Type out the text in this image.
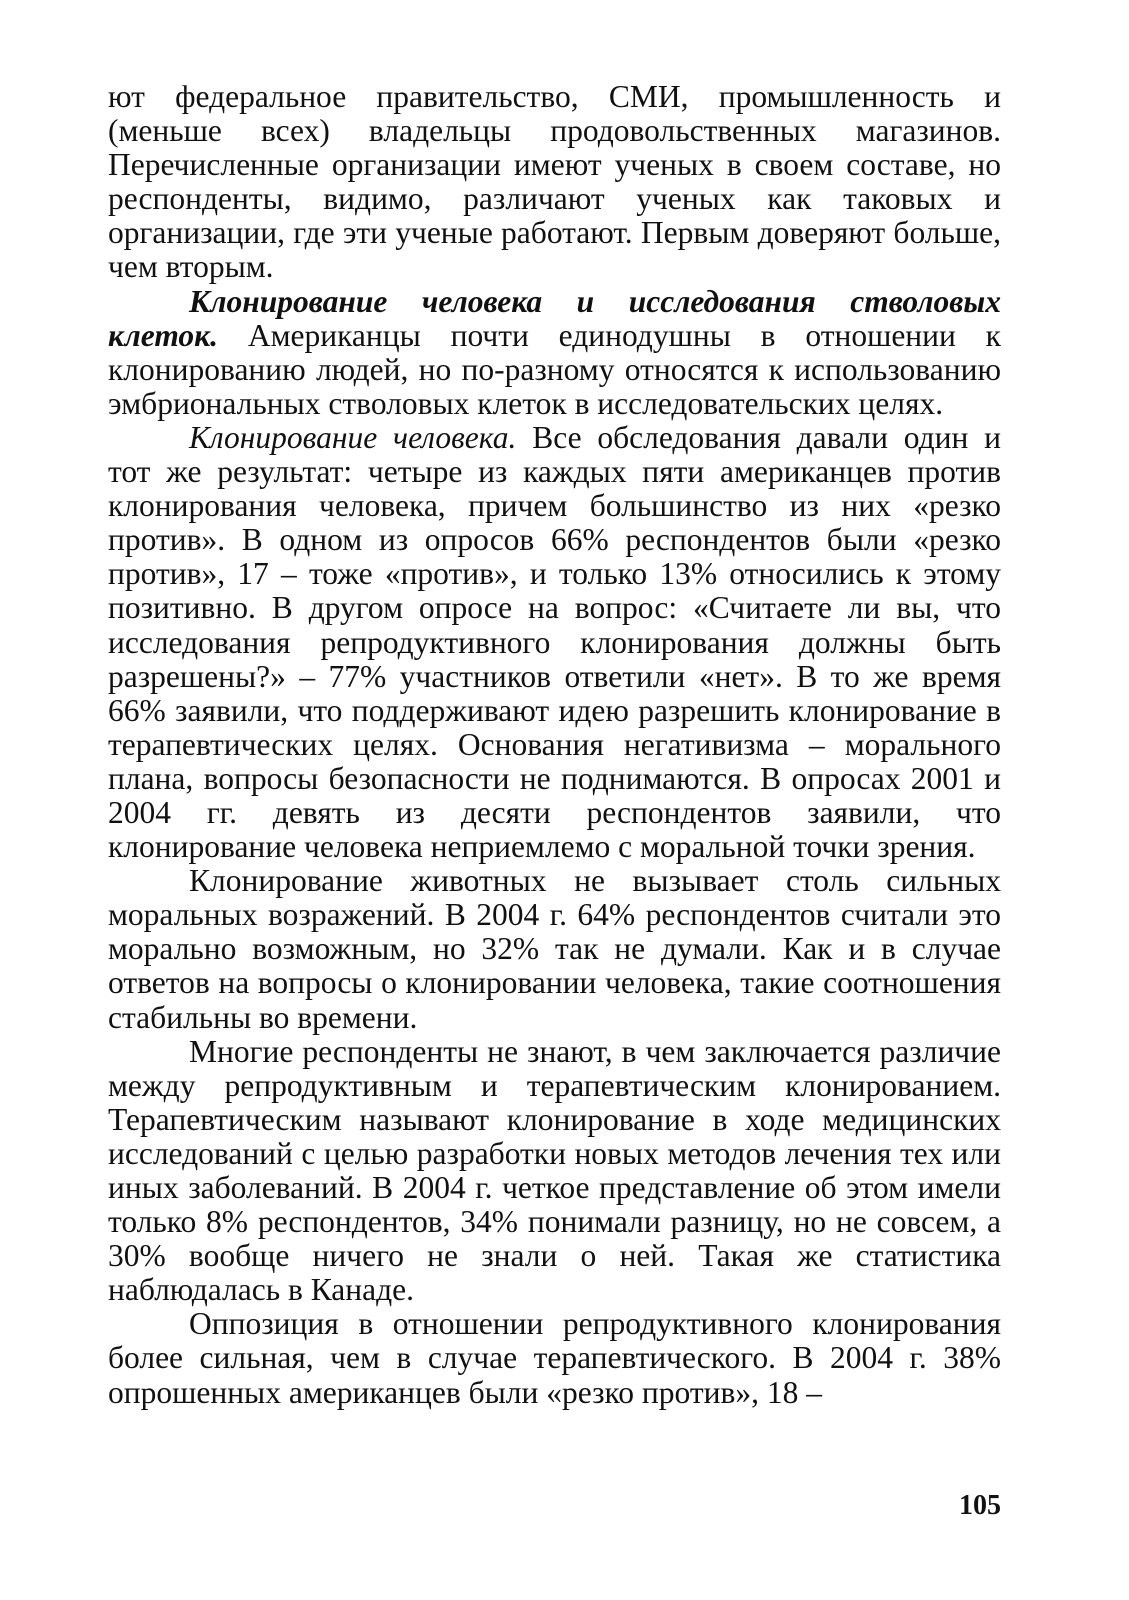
ют федеральное правительство, СМИ, промышленность и (меньше всех) владельцы продовольственных магазинов. Перечисленные организации имеют ученых в своем составе, но респонденты, видимо, различают ученых как таковых и организации, где эти ученые работают. Первым доверяют больше, чем вторым.

Клонирование человека и исследования стволовых клеток. Американцы почти единодушны в отношении к клонированию людей, но по-разному относятся к использованию эмбриональных стволовых клеток в исследовательских целях.

Клонирование человека. Все обследования давали один и тот же результат: четыре из каждых пяти американцев против клонирования человека, причем большинство из них «резко против». В одном из опросов 66% респондентов были «резко против», 17 – тоже «против», и только 13% относились к этому позитивно. В другом опросе на вопрос: «Считаете ли вы, что исследования репродуктивного клонирования должны быть разрешены?» – 77% участников ответили «нет». В то же время 66% заявили, что поддерживают идею разрешить клонирование в терапевтических целях. Основания негативизма – морального плана, вопросы безопасности не поднимаются. В опросах 2001 и 2004 гг. девять из десяти респондентов заявили, что клонирование человека неприемлемо с моральной точки зрения.

Клонирование животных не вызывает столь сильных моральных возражений. В 2004 г. 64% респондентов считали это морально возможным, но 32% так не думали. Как и в случае ответов на вопросы о клонировании человека, такие соотношения стабильны во времени.

Многие респонденты не знают, в чем заключается различие между репродуктивным и терапевтическим клонированием. Терапевтическим называют клонирование в ходе медицинских исследований с целью разработки новых методов лечения тех или иных заболеваний. В 2004 г. четкое представление об этом имели только 8% респондентов, 34% понимали разницу, но не совсем, а 30% вообще ничего не знали о ней. Такая же статистика наблюдалась в Канаде.

Оппозиция в отношении репродуктивного клонирования более сильная, чем в случае терапевтического. В 2004 г. 38% опрошенных американцев были «резко против», 18 –

105
